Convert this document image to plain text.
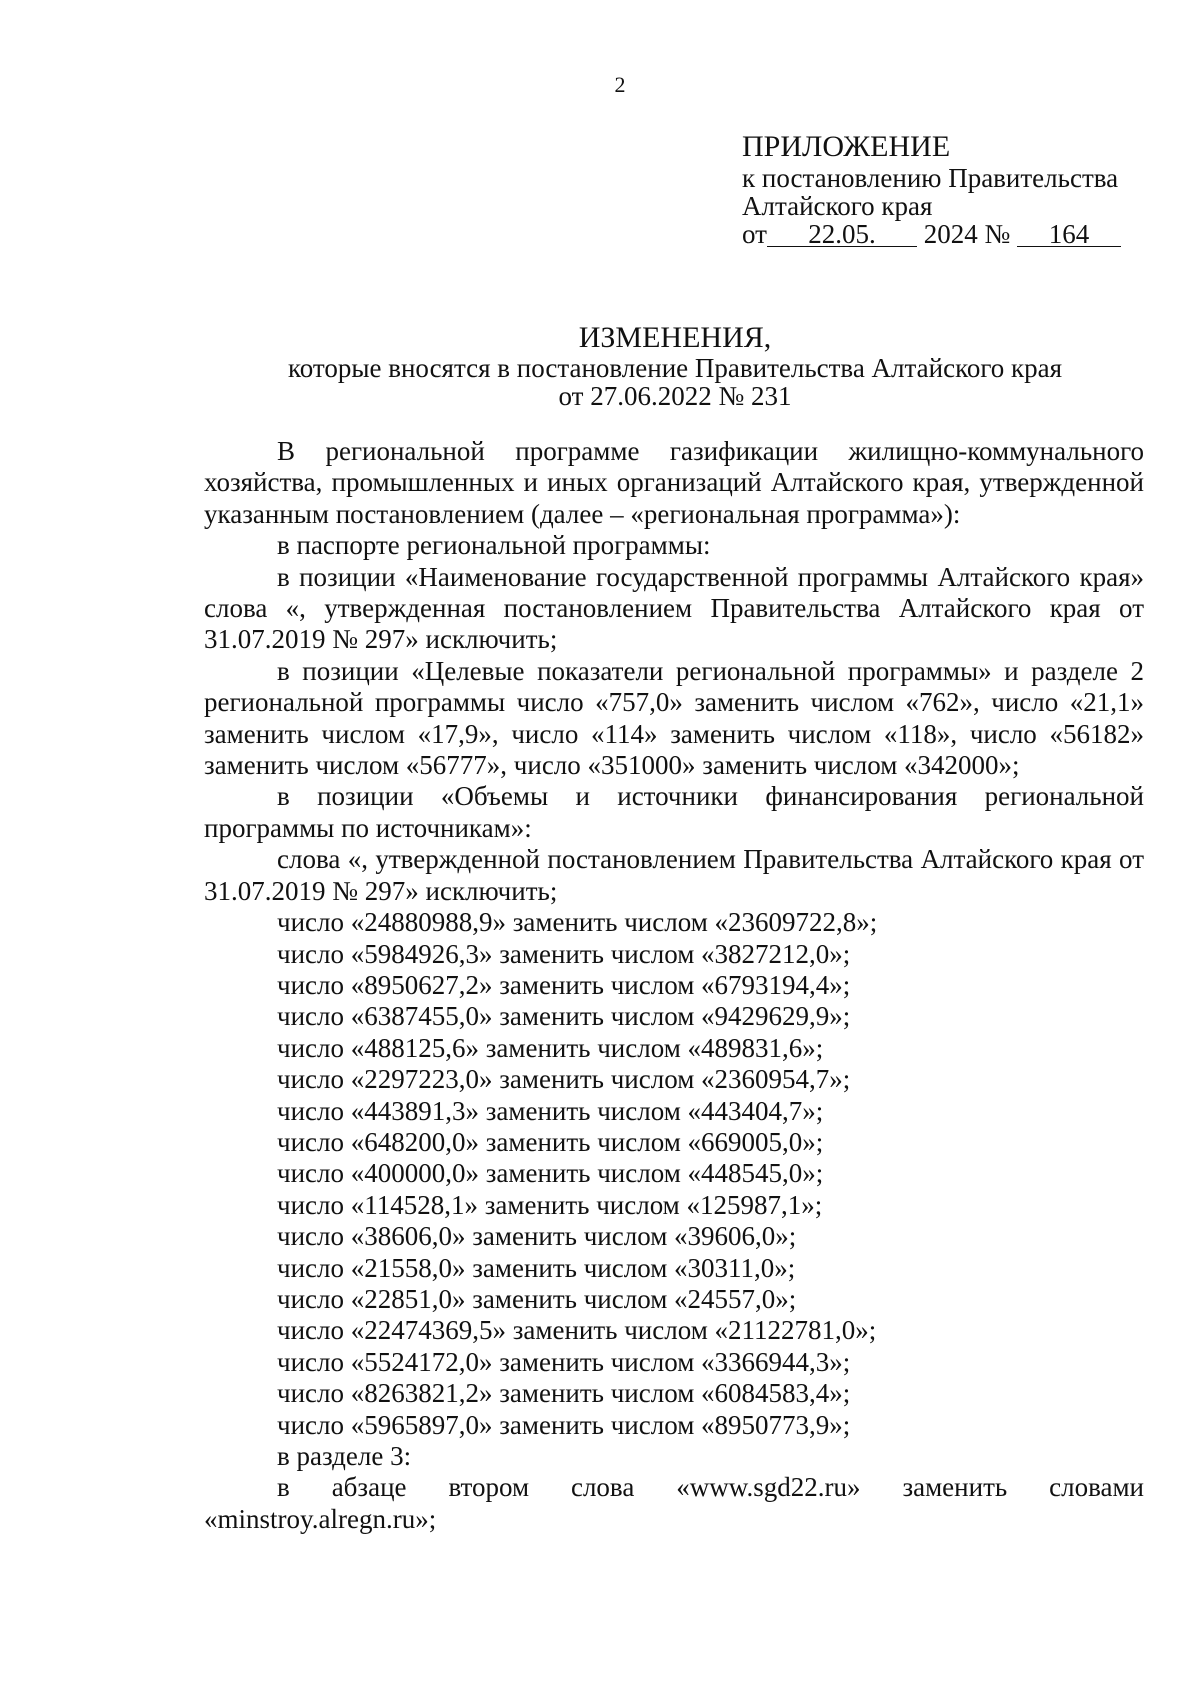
2
ПРИЛОЖЕНИЕ
к постановлению Правительства
Алтайского края
от 22.05. 2024 № 164
ИЗМЕНЕНИЯ,
которые вносятся в постановление Правительства Алтайского края
от 27.06.2022 № 231

В региональной программе газификации жилищно-коммунального хозяйства, промышленных и иных организаций Алтайского края, утвержденной указанным постановлением (далее – «региональная программа»):

в паспорте региональной программы:

в позиции «Наименование государственной программы Алтайского края» слова «, утвержденная постановлением Правительства Алтайского края от 31.07.2019 № 297» исключить;

в позиции «Целевые показатели региональной программы» и разделе 2 региональной программы число «757,0» заменить числом «762», число «21,1» заменить числом «17,9», число «114» заменить числом «118», число «56182» заменить числом «56777», число «351000» заменить числом «342000»;

в позиции «Объемы и источники финансирования региональной программы по источникам»:

слова «, утвержденной постановлением Правительства Алтайского края от 31.07.2019 № 297» исключить;

число «24880988,9» заменить числом «23609722,8»;

число «5984926,3» заменить числом «3827212,0»;

число «8950627,2» заменить числом «6793194,4»;

число «6387455,0» заменить числом «9429629,9»;

число «488125,6» заменить числом «489831,6»;

число «2297223,0» заменить числом «2360954,7»;

число «443891,3» заменить числом «443404,7»;

число «648200,0» заменить числом «669005,0»;

число «400000,0» заменить числом «448545,0»;

число «114528,1» заменить числом «125987,1»;

число «38606,0» заменить числом «39606,0»;

число «21558,0» заменить числом «30311,0»;

число «22851,0» заменить числом «24557,0»;

число «22474369,5» заменить числом «21122781,0»;

число «5524172,0» заменить числом «3366944,3»;

число «8263821,2» заменить числом «6084583,4»;

число «5965897,0» заменить числом «8950773,9»;

в разделе 3:

в абзаце втором слова «www.sgd22.ru» заменить словами «minstroy.alregn.ru»;
